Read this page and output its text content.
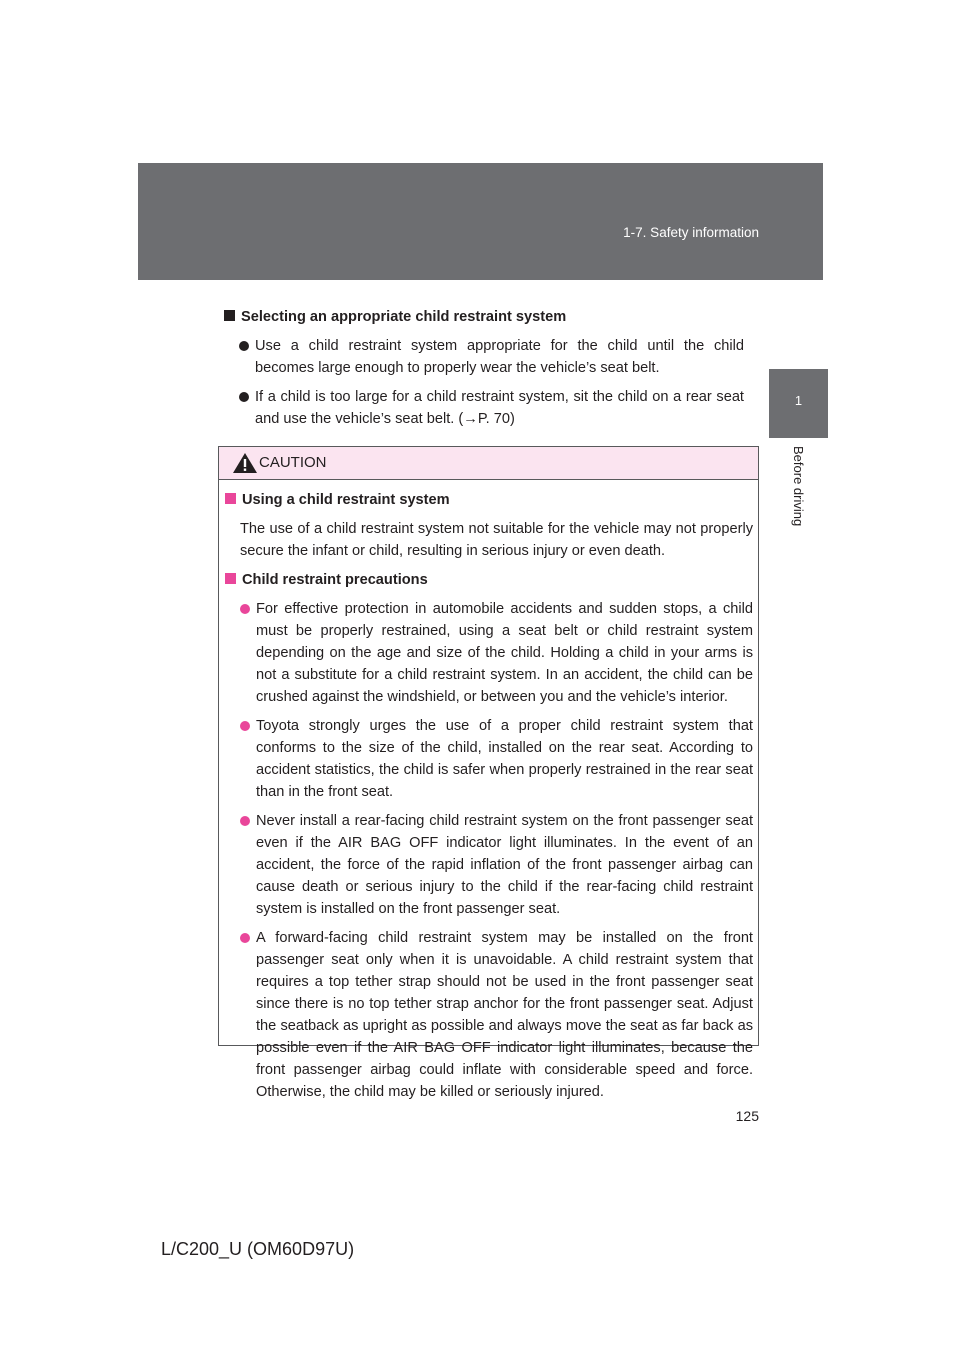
1-7. Safety information
1
Before driving
Selecting an appropriate child restraint system

Use a child restraint system appropriate for the child until the child becomes large enough to properly wear the vehicle’s seat belt.

If a child is too large for a child restraint system, sit the child on a rear seat and use the vehicle’s seat belt. (→P. 70)

CAUTION
Using a child restraint system

The use of a child restraint system not suitable for the vehicle may not properly secure the infant or child, resulting in serious injury or even death.

Child restraint precautions

For effective protection in automobile accidents and sudden stops, a child must be properly restrained, using a seat belt or child restraint system depending on the age and size of the child. Holding a child in your arms is not a substitute for a child restraint system. In an accident, the child can be crushed against the windshield, or between you and the vehicle’s interior.

Toyota strongly urges the use of a proper child restraint system that conforms to the size of the child, installed on the rear seat. According to accident statistics, the child is safer when properly restrained in the rear seat than in the front seat.

Never install a rear-facing child restraint system on the front passenger seat even if the AIR BAG OFF indicator light illuminates. In the event of an accident, the force of the rapid inflation of the front passenger airbag can cause death or serious injury to the child if the rear-facing child restraint system is installed on the front passenger seat.

A forward-facing child restraint system may be installed on the front passenger seat only when it is unavoidable. A child restraint system that requires a top tether strap should not be used in the front passenger seat since there is no top tether strap anchor for the front passenger seat. Adjust the seatback as upright as possible and always move the seat as far back as possible even if the AIR BAG OFF indicator light illuminates, because the front passenger airbag could inflate with considerable speed and force. Otherwise, the child may be killed or seriously injured.

125
L/C200_U (OM60D97U)
